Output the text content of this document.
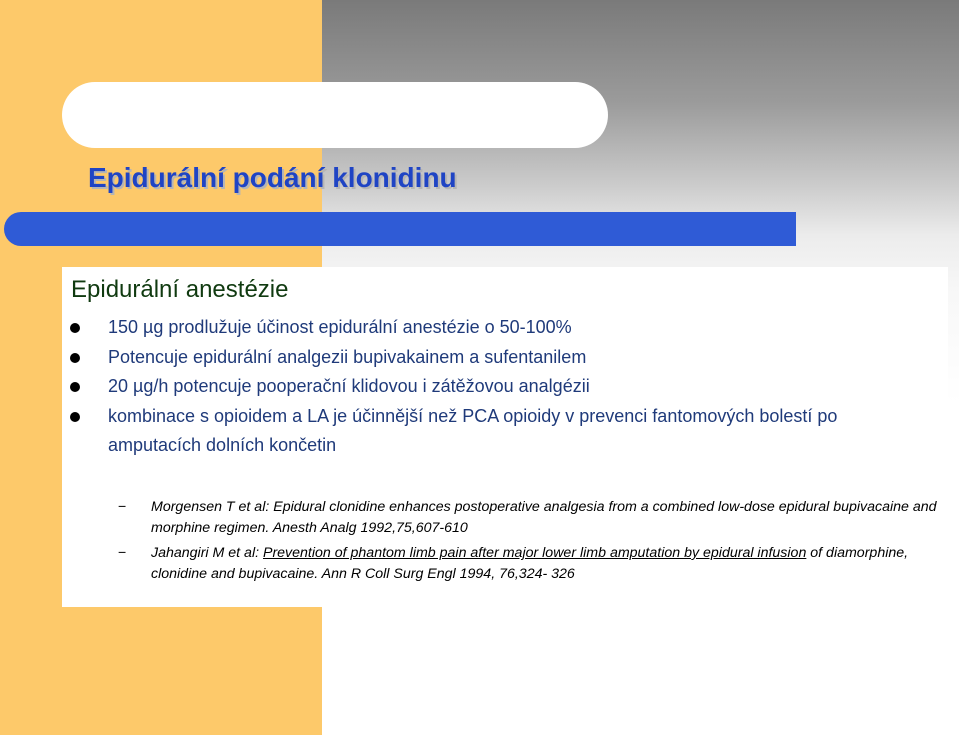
Epidurální podání klonidinu
Epidurální anestézie
150 µg prodlužuje účinost epidurální anestézie o 50-100%
Potencuje epidurální analgezii bupivakainem a sufentanilem
20 µg/h potencuje pooperační klidovou i zátěžovou analgézii
kombinace s opioidem a LA je účinnější než PCA opioidy v prevenci fantomových bolestí po amputacích dolních končetin
− Morgensen T et al: Epidural clonidine enhances postoperative analgesia from a combined low-dose epidural bupivacaine and morphine regimen. Anesth Analg 1992,75,607-610
− Jahangiri M et al: Prevention of phantom limb pain after major lower limb amputation by epidural infusion of diamorphine, clonidine and bupivacaine. Ann R Coll Surg Engl 1994, 76,324- 326
